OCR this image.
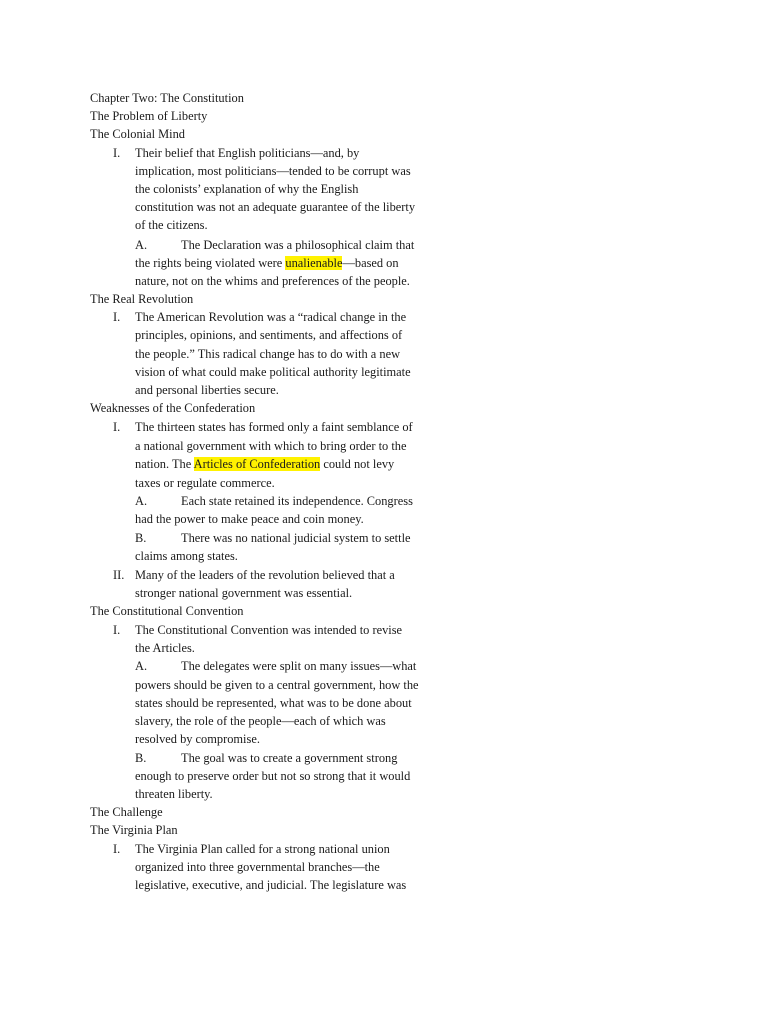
Chapter Two: The Constitution
The Problem of Liberty
The Colonial Mind
I. Their belief that English politicians—and, by
implication, most politicians—tended to be corrupt was
the colonists’ explanation of why the English
constitution was not an adequate guarantee of the liberty
of the citizens.
A.	The Declaration was a philosophical claim that
the rights being violated were unalienable—based on
nature, not on the whims and preferences of the people.
The Real Revolution
I. The American Revolution was a “radical change in the
principles, opinions, and sentiments, and affections of
the people.” This radical change has to do with a new
vision of what could make political authority legitimate
and personal liberties secure.
Weaknesses of the Confederation
I. The thirteen states has formed only a faint semblance of
a national government with which to bring order to the
nation. The Articles of Confederation could not levy
taxes or regulate commerce.
A.	Each state retained its independence. Congress
had the power to make peace and coin money.
B.	There was no national judicial system to settle
claims among states.
II. Many of the leaders of the revolution believed that a
stronger national government was essential.
The Constitutional Convention
I. The Constitutional Convention was intended to revise
the Articles.
A.	The delegates were split on many issues—what
powers should be given to a central government, how the
states should be represented, what was to be done about
slavery, the role of the people—each of which was
resolved by compromise.
B.	The goal was to create a government strong
enough to preserve order but not so strong that it would
threaten liberty.
The Challenge
The Virginia Plan
I. The Virginia Plan called for a strong national union
organized into three governmental branches—the
legislative, executive, and judicial. The legislature was
